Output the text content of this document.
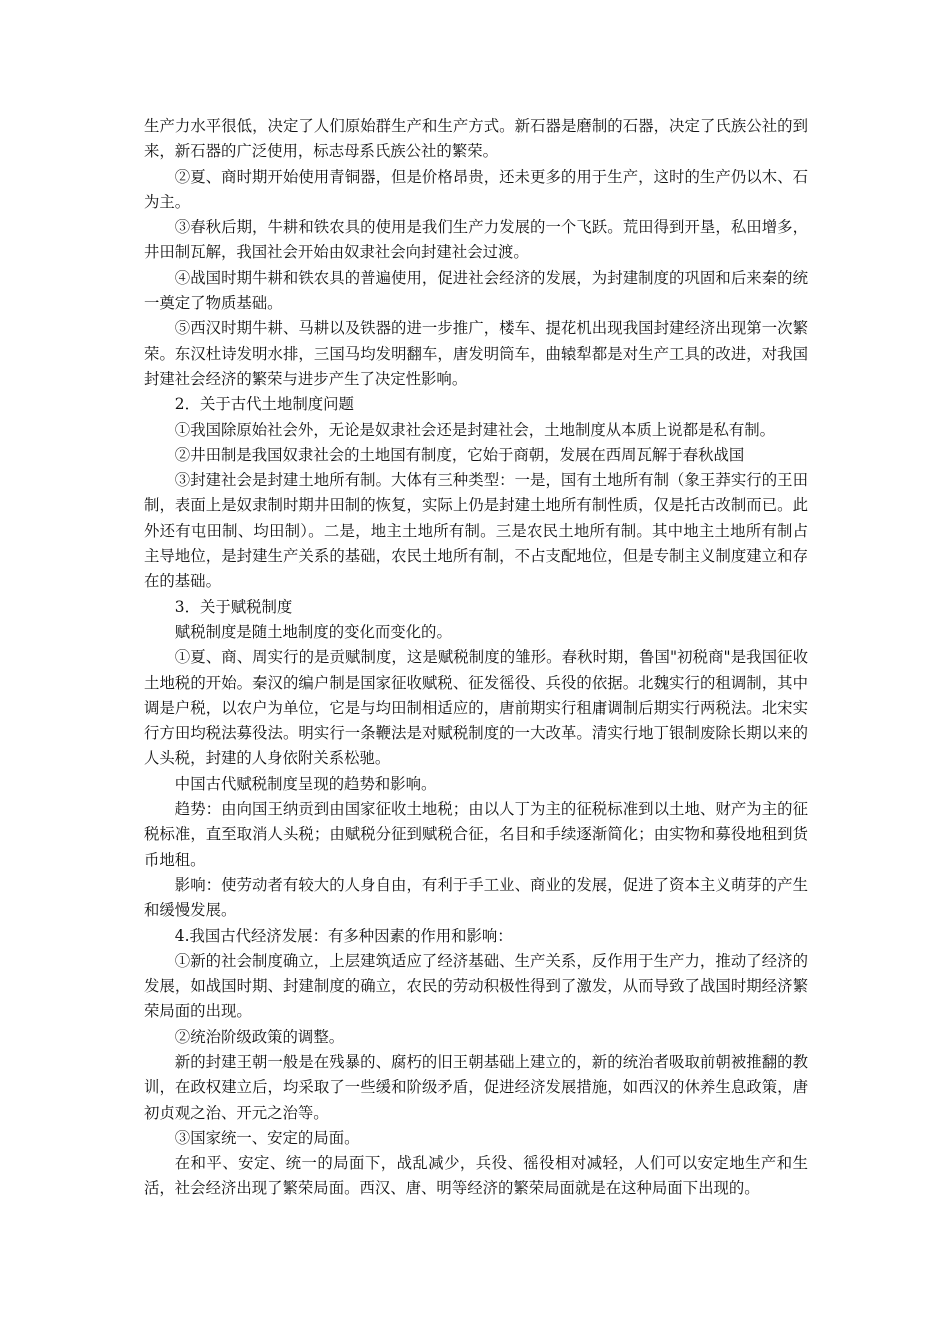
生产力水平很低，决定了人们原始群生产和生产方式。新石器是磨制的石器，决定了氏族公社的到来，新石器的广泛使用，标志母系氏族公社的繁荣。

②夏、商时期开始使用青铜器，但是价格昂贵，还未更多的用于生产，这时的生产仍以木、石为主。

③春秋后期，牛耕和铁农具的使用是我们生产力发展的一个飞跃。荒田得到开垦，私田增多，井田制瓦解，我国社会开始由奴隶社会向封建社会过渡。

④战国时期牛耕和铁农具的普遍使用，促进社会经济的发展，为封建制度的巩固和后来秦的统一奠定了物质基础。

⑤西汉时期牛耕、马耕以及铁器的进一步推广，楼车、提花机出现我国封建经济出现第一次繁荣。东汉杜诗发明水排，三国马均发明翻车，唐发明筒车，曲辕犁都是对生产工具的改进，对我国封建社会经济的繁荣与进步产生了决定性影响。

2．关于古代土地制度问题

①我国除原始社会外，无论是奴隶社会还是封建社会，土地制度从本质上说都是私有制。

②井田制是我国奴隶社会的土地国有制度，它始于商朝，发展在西周瓦解于春秋战国

③封建社会是封建土地所有制。大体有三种类型：一是，国有土地所有制（象王莽实行的王田制，表面上是奴隶制时期井田制的恢复，实际上仍是封建土地所有制性质，仅是托古改制而已。此外还有屯田制、均田制）。二是，地主土地所有制。三是农民土地所有制。其中地主土地所有制占主导地位，是封建生产关系的基础，农民土地所有制，不占支配地位，但是专制主义制度建立和存在的基础。

3．关于赋税制度

赋税制度是随土地制度的变化而变化的。

①夏、商、周实行的是贡赋制度，这是赋税制度的雏形。春秋时期，鲁国"初税商"是我国征收土地税的开始。秦汉的编户制是国家征收赋税、征发徭役、兵役的依据。北魏实行的租调制，其中调是户税，以农户为单位，它是与均田制相适应的，唐前期实行租庸调制后期实行两税法。北宋实行方田均税法募役法。明实行一条鞭法是对赋税制度的一大改革。清实行地丁银制废除长期以来的人头税，封建的人身依附关系松驰。

中国古代赋税制度呈现的趋势和影响。

趋势：由向国王纳贡到由国家征收土地税；由以人丁为主的征税标准到以土地、财产为主的征税标准，直至取消人头税；由赋税分征到赋税合征，名目和手续逐渐简化；由实物和募役地租到货币地租。

影响：使劳动者有较大的人身自由，有利于手工业、商业的发展，促进了资本主义萌芽的产生和缓慢发展。

4.我国古代经济发展：有多种因素的作用和影响：

①新的社会制度确立，上层建筑适应了经济基础、生产关系，反作用于生产力，推动了经济的发展，如战国时期、封建制度的确立，农民的劳动积极性得到了激发，从而导致了战国时期经济繁荣局面的出现。

②统治阶级政策的调整。

新的封建王朝一般是在残暴的、腐朽的旧王朝基础上建立的，新的统治者吸取前朝被推翻的教训，在政权建立后，均采取了一些缓和阶级矛盾，促进经济发展措施，如西汉的休养生息政策，唐初贞观之治、开元之治等。

③国家统一、安定的局面。

在和平、安定、统一的局面下，战乱减少，兵役、徭役相对减轻，人们可以安定地生产和生活，社会经济出现了繁荣局面。西汉、唐、明等经济的繁荣局面就是在这种局面下出现的。
